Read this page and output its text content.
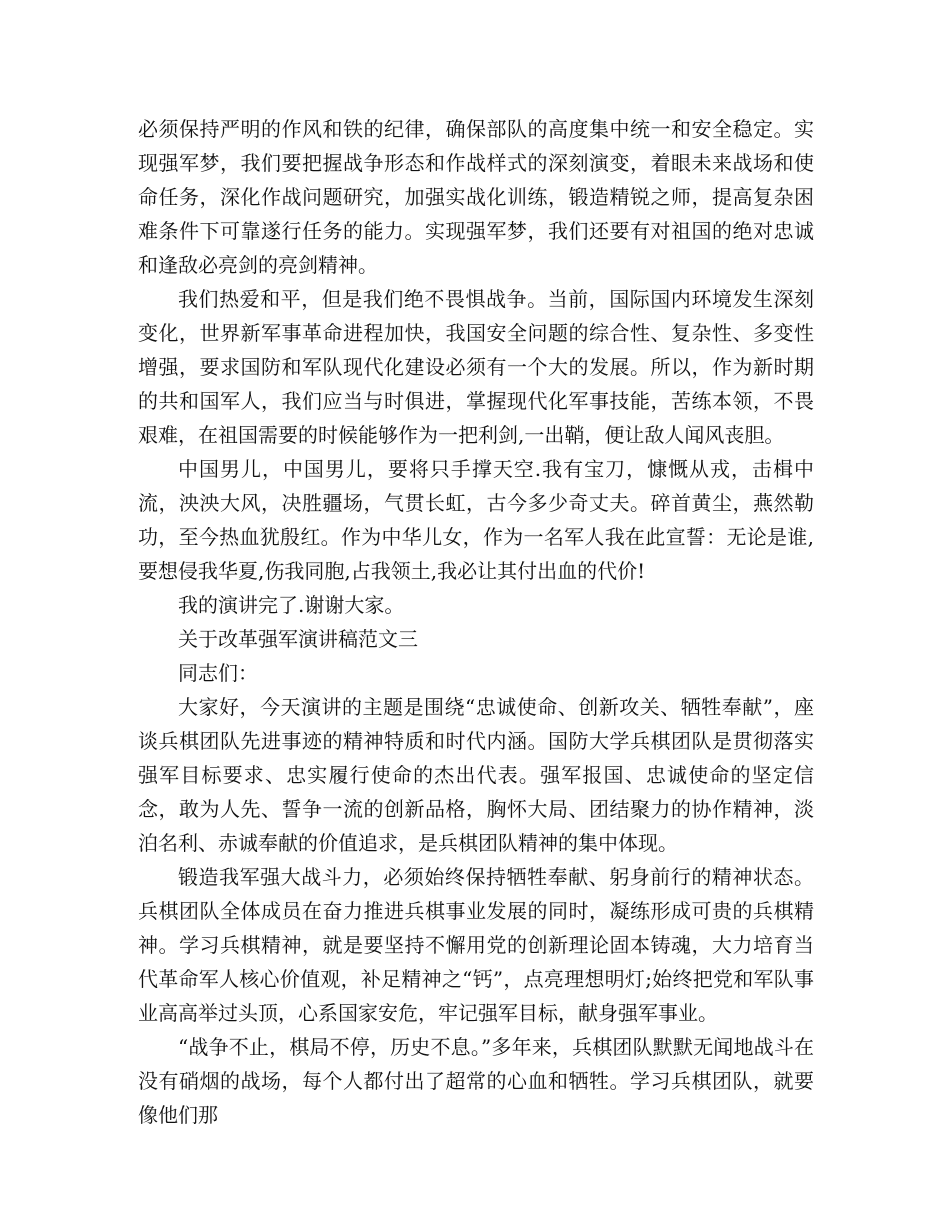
必须保持严明的作风和铁的纪律，确保部队的高度集中统一和安全稳定。实现强军梦，我们要把握战争形态和作战样式的深刻演变，着眼未来战场和使命任务，深化作战问题研究，加强实战化训练，锻造精锐之师，提高复杂困难条件下可靠遂行任务的能力。实现强军梦，我们还要有对祖国的绝对忠诚和逢敌必亮剑的亮剑精神。

我们热爱和平，但是我们绝不畏惧战争。当前，国际国内环境发生深刻变化，世界新军事革命进程加快，我国安全问题的综合性、复杂性、多变性增强，要求国防和军队现代化建设必须有一个大的发展。所以，作为新时期的共和国军人，我们应当与时俱进，掌握现代化军事技能，苦练本领，不畏艰难，在祖国需要的时候能够作为一把利剑,一出鞘，便让敌人闻风丧胆。

中国男儿，中国男儿，要将只手撑天空.我有宝刀，慷慨从戎，击楫中流，泱泱大风，决胜疆场，气贯长虹，古今多少奇丈夫。碎首黄尘，燕然勒功，至今热血犹殷红。作为中华儿女，作为一名军人我在此宣誓：无论是谁,要想侵我华夏,伤我同胞,占我领土,我必让其付出血的代价!

我的演讲完了.谢谢大家。

关于改革强军演讲稿范文三

同志们：

大家好，今天演讲的主题是围绕“忠诚使命、创新攻关、牺牲奉献”，座谈兵棋团队先进事迹的精神特质和时代内涵。国防大学兵棋团队是贯彻落实强军目标要求、忠实履行使命的杰出代表。强军报国、忠诚使命的坚定信念，敢为人先、誓争一流的创新品格，胸怀大局、团结聚力的协作精神，淡泊名利、赤诚奉献的价值追求，是兵棋团队精神的集中体现。

锻造我军强大战斗力，必须始终保持牺牲奉献、躬身前行的精神状态。兵棋团队全体成员在奋力推进兵棋事业发展的同时，凝练形成可贵的兵棋精神。学习兵棋精神，就是要坚持不懈用党的创新理论固本铸魂，大力培育当代革命军人核心价值观，补足精神之“钙”，点亮理想明灯;始终把党和军队事业高高举过头顶，心系国家安危，牢记强军目标，献身强军事业。

“战争不止，棋局不停，历史不息。”多年来，兵棋团队默默无闻地战斗在没有硝烟的战场，每个人都付出了超常的心血和牺牲。学习兵棋团队，就要像他们那
